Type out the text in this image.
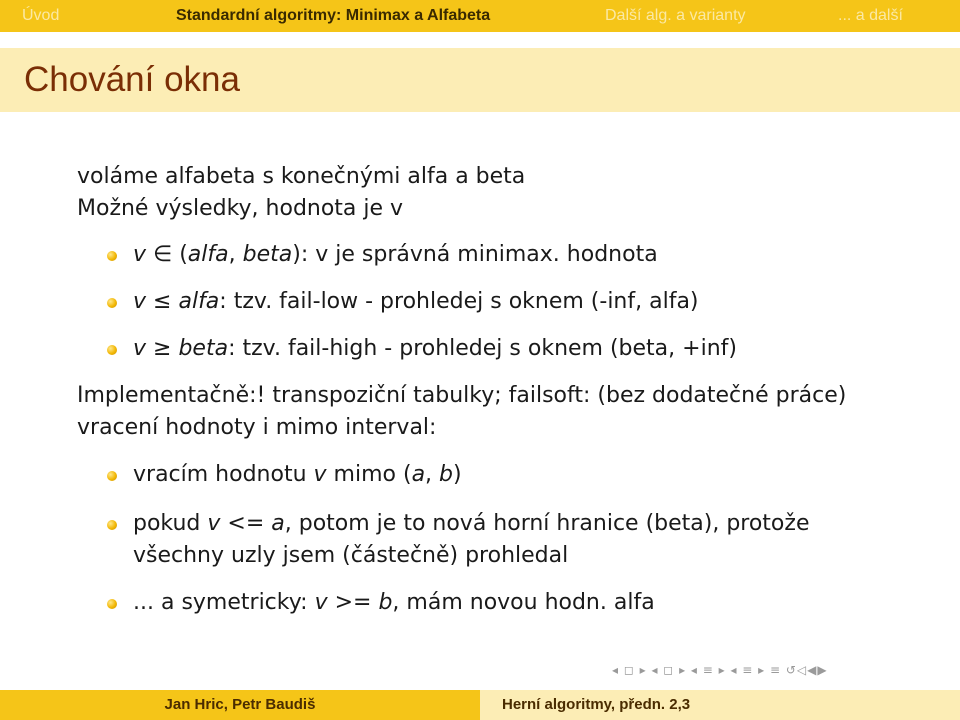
Úvod	Standardní algoritmy: Minimax a Alfabeta	Další alg. a varianty	... a další
Chování okna
voláme alfabeta s konečnými alfa a beta
Možné výsledky, hodnota je v
v ∈ (alfa, beta): v je správná minimax. hodnota
v ≤ alfa: tzv. fail-low - prohledej s oknem (-inf, alfa)
v ≥ beta: tzv. fail-high - prohledej s oknem (beta, +inf)
Implementačně:! transpoziční tabulky; failsoft: (bez dodatečné práce)
vracení hodnoty i mimo interval:
vracím hodnotu v mimo (a, b)
pokud v <= a, potom je to nová horní hranice (beta), protože
všechny uzly jsem (částečně) prohledal
... a symetricky: v >= b, mám novou hodn. alfa
◂ ◻ ▸ ◂ ◻ ▸ ◂ ≡ ▸ ◂ ≡ ▸ ≡ ↺◁◀▶
Jan Hric, Petr Baudiš	Herní algoritmy, předn. 2,3
